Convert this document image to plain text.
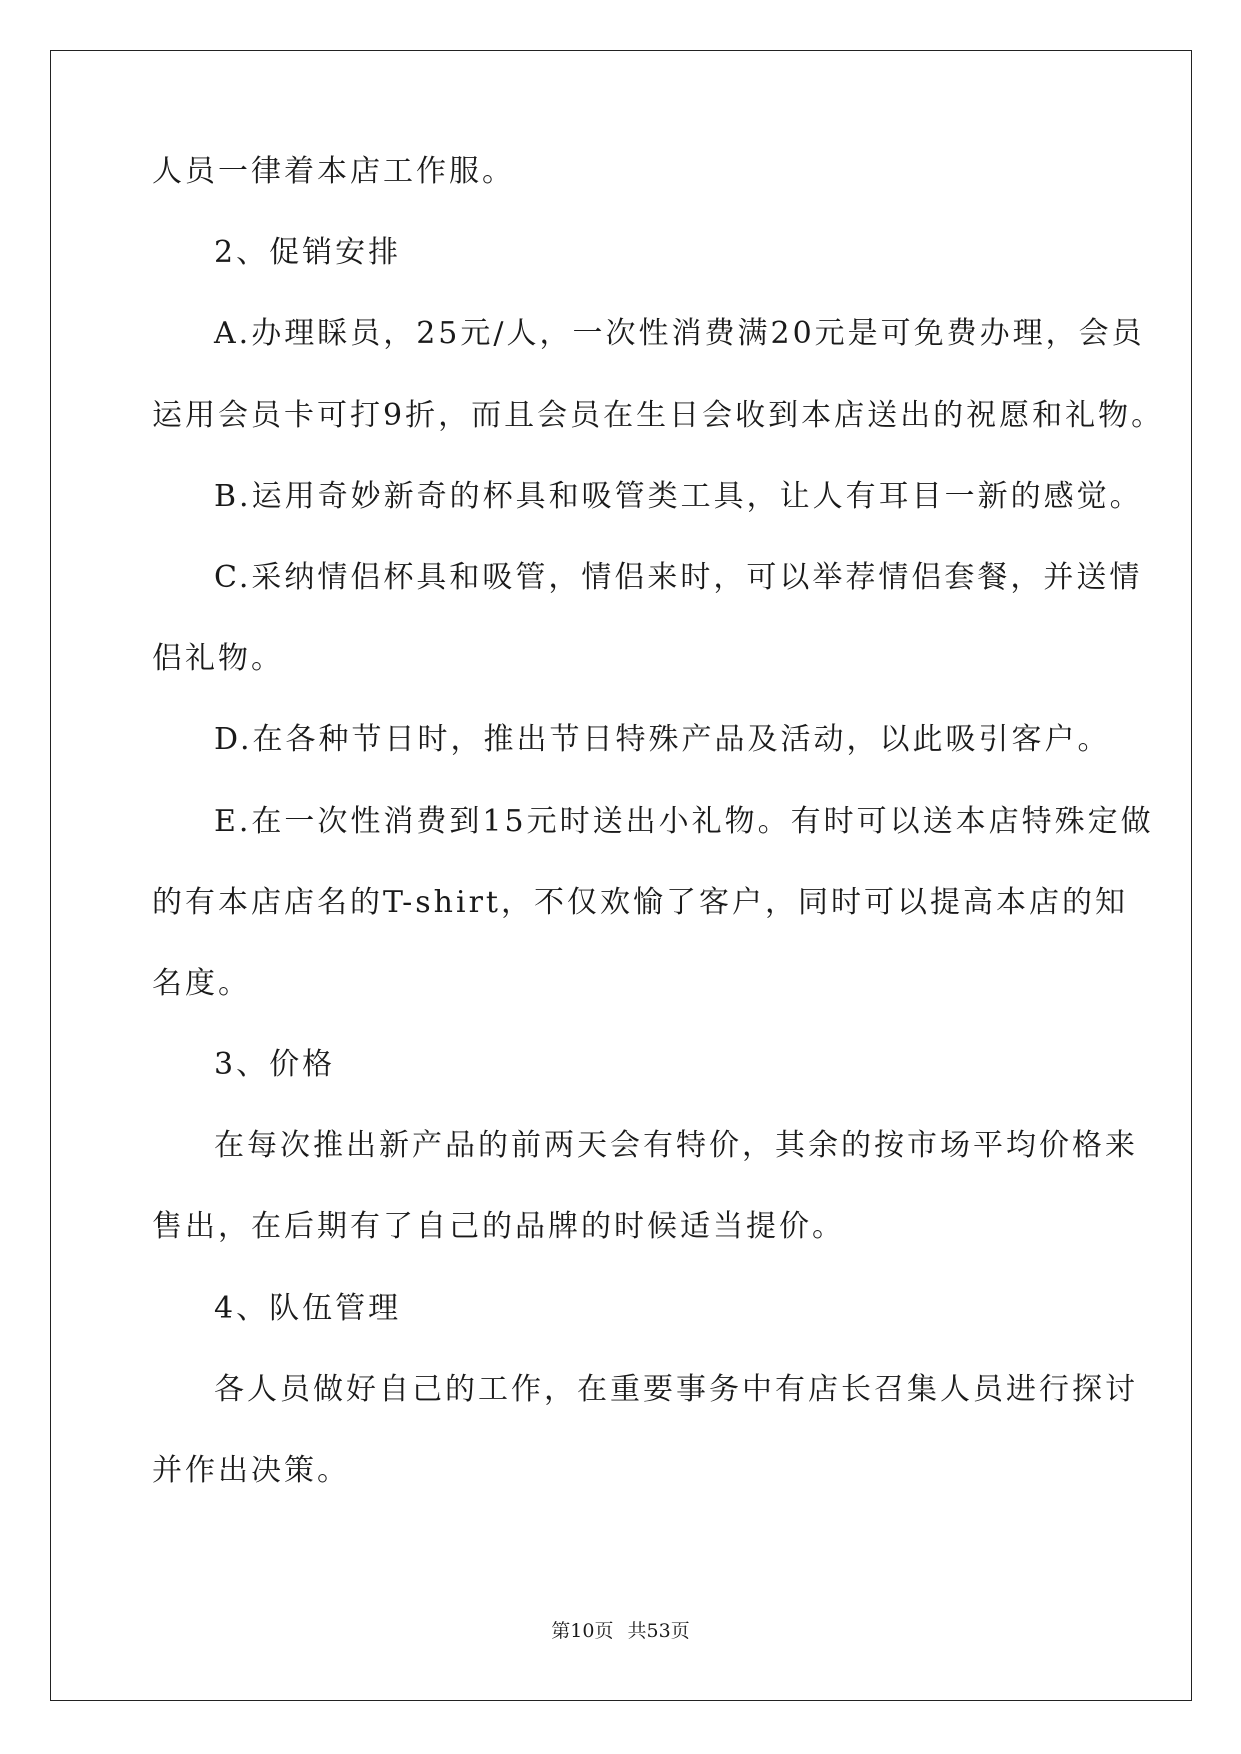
人员一律着本店工作服。
2、促销安排
A.办理睬员，25元/人，一次性消费满20元是可免费办理，会员
运用会员卡可打9折，而且会员在生日会收到本店送出的祝愿和礼物。
B.运用奇妙新奇的杯具和吸管类工具，让人有耳目一新的感觉。
C.采纳情侣杯具和吸管，情侣来时，可以举荐情侣套餐，并送情
侣礼物。
D.在各种节日时，推出节日特殊产品及活动，以此吸引客户。
E.在一次性消费到15元时送出小礼物。有时可以送本店特殊定做
的有本店店名的T-shirt，不仅欢愉了客户，同时可以提高本店的知
名度。
3、价格
在每次推出新产品的前两天会有特价，其余的按市场平均价格来
售出，在后期有了自己的品牌的时候适当提价。
4、队伍管理
各人员做好自己的工作，在重要事务中有店长召集人员进行探讨
并作出决策。
第10页 共53页
